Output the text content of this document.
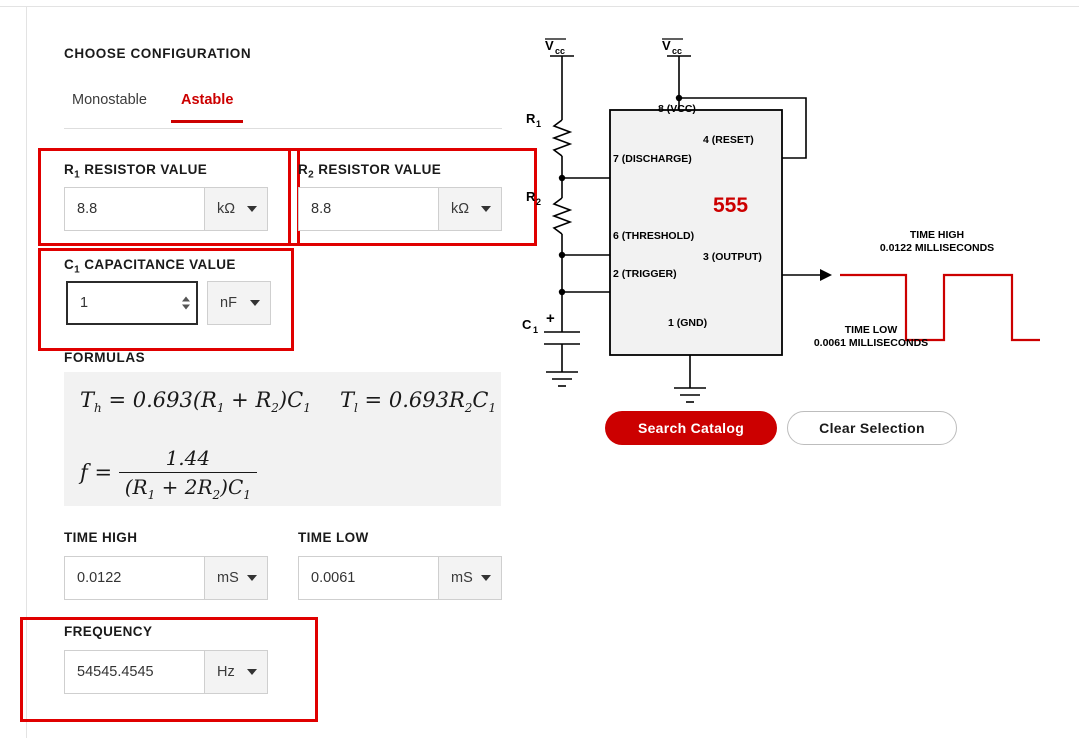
CHOOSE CONFIGURATION
Monostable	Astable
$R_1$ RESISTOR VALUE
8.8
kΩ
$R_2$ RESISTOR VALUE
8.8
kΩ
$C_1$ CAPACITANCE VALUE
1
nF
FORMULAS
$T_h = 0.693(R_1 + R_2)C_1$ $T_l = 0.693R_2C_1$
$f = \frac{1.44}{(R_1 + 2R_2)C_1}$
TIME HIGH
0.0122
mS
TIME LOW
0.0061
mS
FREQUENCY
54545.4545
Hz
V cc	V cc
R 1
R 2
C 1
+
8 (VCC)
4 (RESET)
7 (DISCHARGE)
6 (THRESHOLD)
3 (OUTPUT)
2 (TRIGGER)
1 (GND)
555
TIME HIGH
0.0122 MILLISECONDS
TIME LOW
0.0061 MILLISECONDS
Search Catalog	Clear Selection
